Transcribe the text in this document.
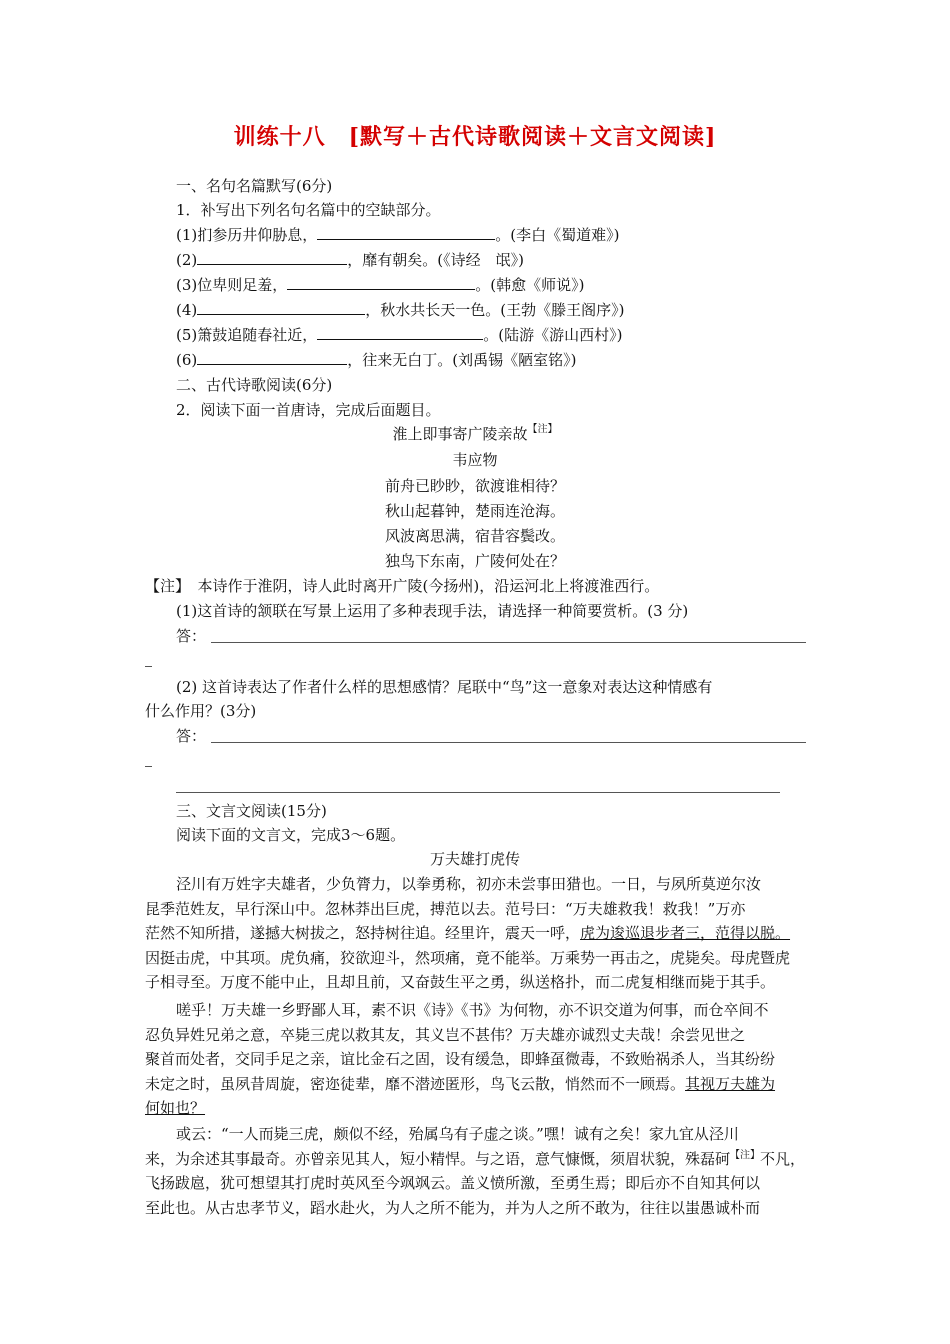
训练十八　[默写＋古代诗歌阅读＋文言文阅读]
一、名句名篇默写(6分)
1．补写出下列名句名篇中的空缺部分。
(1)扪参历井仰胁息，	。(李白《蜀道难》)
(2)	，靡有朝矣。(《诗经　氓》)
(3)位卑则足羞，	。(韩愈《师说》)
(4)	，秋水共长天一色。(王勃《滕王阁序》)
(5)箫鼓追随春社近，	。(陆游《游山西村》)
(6)	，往来无白丁。(刘禹锡《陋室铭》)
二、古代诗歌阅读(6分)
2．阅读下面一首唐诗，完成后面题目。
淮上即事寄广陵亲故$^{【注】}$
韦应物
前舟已眇眇，欲渡谁相待？
秋山起暮钟，楚雨连沧海。
风波离思满，宿昔容鬓改。
独鸟下东南，广陵何处在？
【注】　本诗作于淮阴，诗人此时离开广陵(今扬州)，沿运河北上将渡淮西行。
(1)这首诗的颔联在写景上运用了多种表现手法，请选择一种简要赏析。(3 分)
答：
(2) 这首诗表达了作者什么样的思想感情？尾联中“鸟”这一意象对表达这种情感有
什么作用？(3分)
答：
三、文言文阅读(15分)
阅读下面的文言文，完成3～6题。
万夫雄打虎传
泾川有万姓字夫雄者，少负膂力，以拳勇称，初亦未尝事田猎也。一日，与夙所莫逆尔汝
昆季范姓友，早行深山中。忽林莽出巨虎，搏范以去。范号曰：“万夫雄救我！救我！”万亦
茫然不知所措，遂撼大树拔之，怒持树往追。经里许，震天一呼，虎为逡巡退步者三，范得以脱。
因挺击虎，中其项。虎负痛，狡欲迎斗，然项痛，竟不能举。万乘势一再击之，虎毙矣。母虎暨虎
子相寻至。万度不能中止，且却且前，又奋鼓生平之勇，纵送格扑，而二虎复相继而毙于其手。
嗟乎！万夫雄一乡野鄙人耳，素不识《诗》《书》为何物，亦不识交道为何事，而仓卒间不
忍负异姓兄弟之意，卒毙三虎以救其友，其义岂不甚伟？万夫雄亦诚烈丈夫哉！余尝见世之
聚首而处者，交同手足之亲，谊比金石之固，设有缓急，即蜂虿微毒，不致贻祸杀人，当其纷纷
未定之时，虽夙昔周旋，密迩徒辈，靡不潜迹匿形，鸟飞云散，悄然而不一顾焉。其视万夫雄为
何如也？
或云：“一人而毙三虎，颇似不经，殆属乌有子虚之谈。”嘿！诚有之矣！家九宜从泾川
来，为余述其事最奇。亦曾亲见其人，短小精悍。与之语，意气慷慨，须眉状貌，殊磊砢$^{【注】}$不凡，
飞扬跋扈，犹可想望其打虎时英风至今飒飒云。盖义愤所激，至勇生焉；即后亦不自知其何以
至此也。从古忠孝节义，蹈水赴火，为人之所不能为，并为人之所不敢为，往往以蚩愚诚朴而
